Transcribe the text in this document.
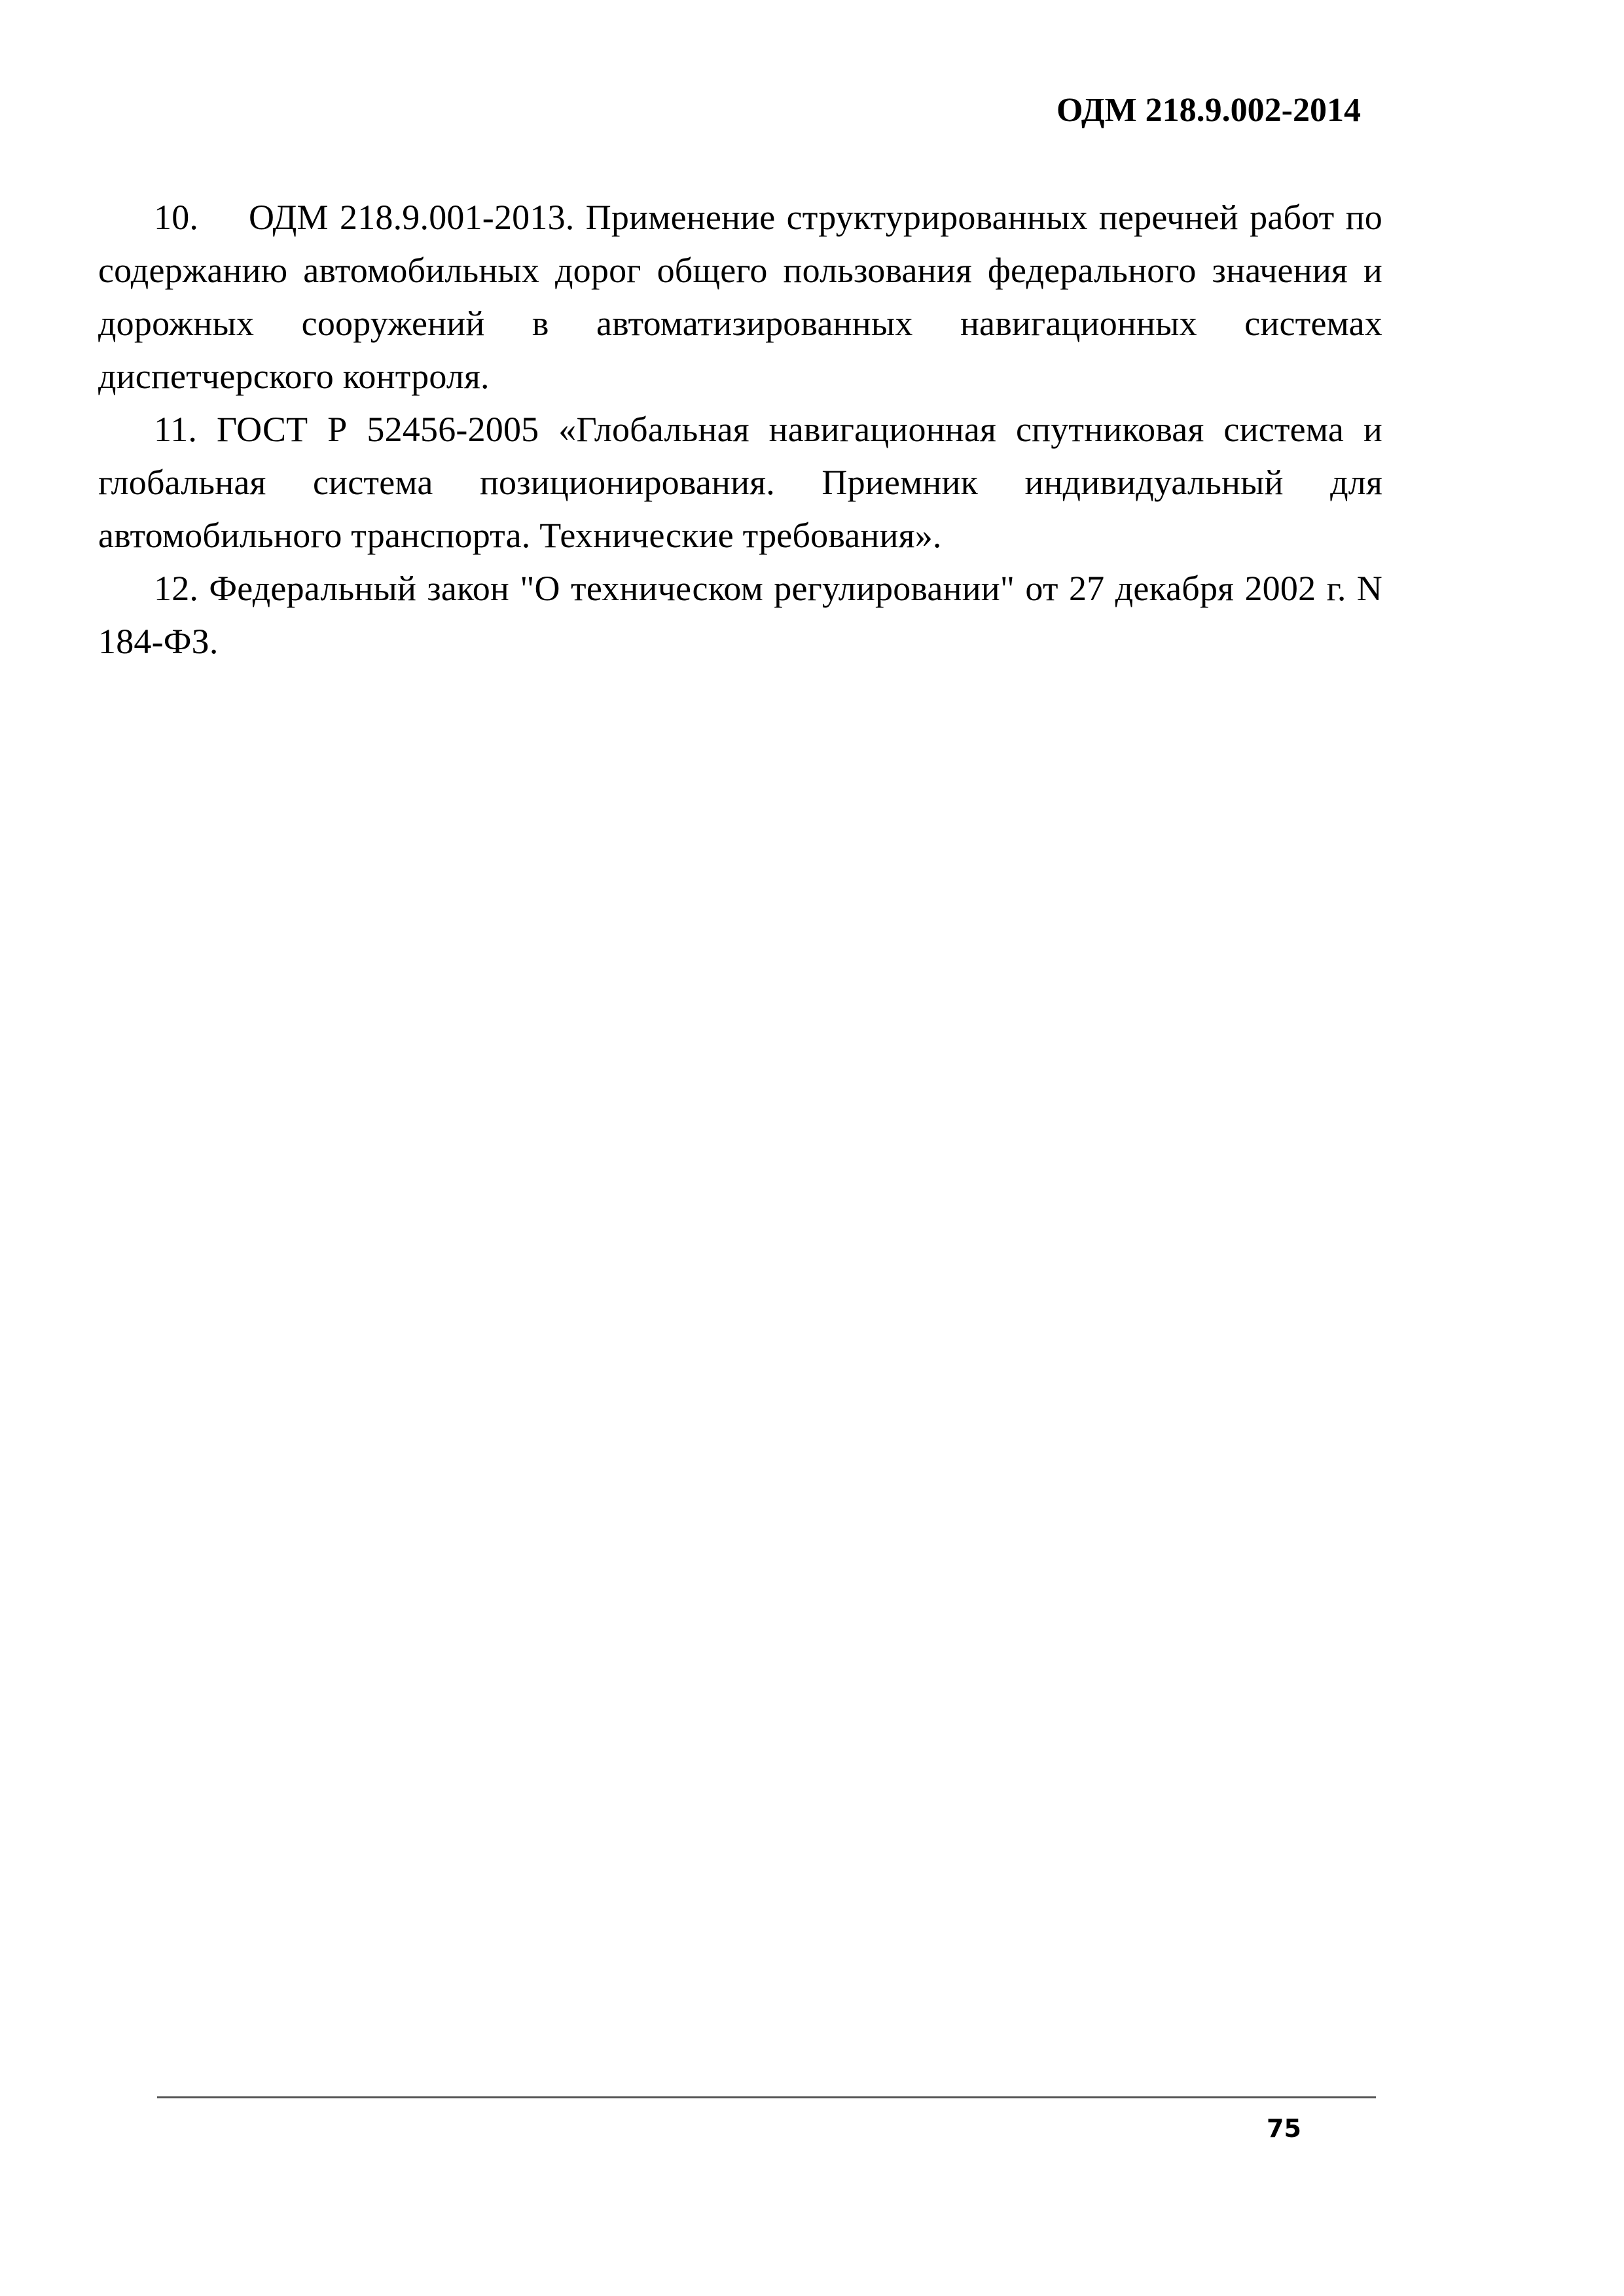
ОДМ 218.9.002-2014

10. ОДМ 218.9.001-2013. Применение структурированных перечней работ по содержанию автомобильных дорог общего пользования федерального значения и дорожных сооружений в автоматизированных навигационных системах диспетчерского контроля.

11. ГОСТ Р 52456-2005 «Глобальная навигационная спутниковая система и глобальная система позиционирования. Приемник индивидуальный для автомобильного транспорта. Технические требования».

12. Федеральный закон "О техническом регулировании" от 27 декабря 2002 г. N 184-ФЗ.

75
